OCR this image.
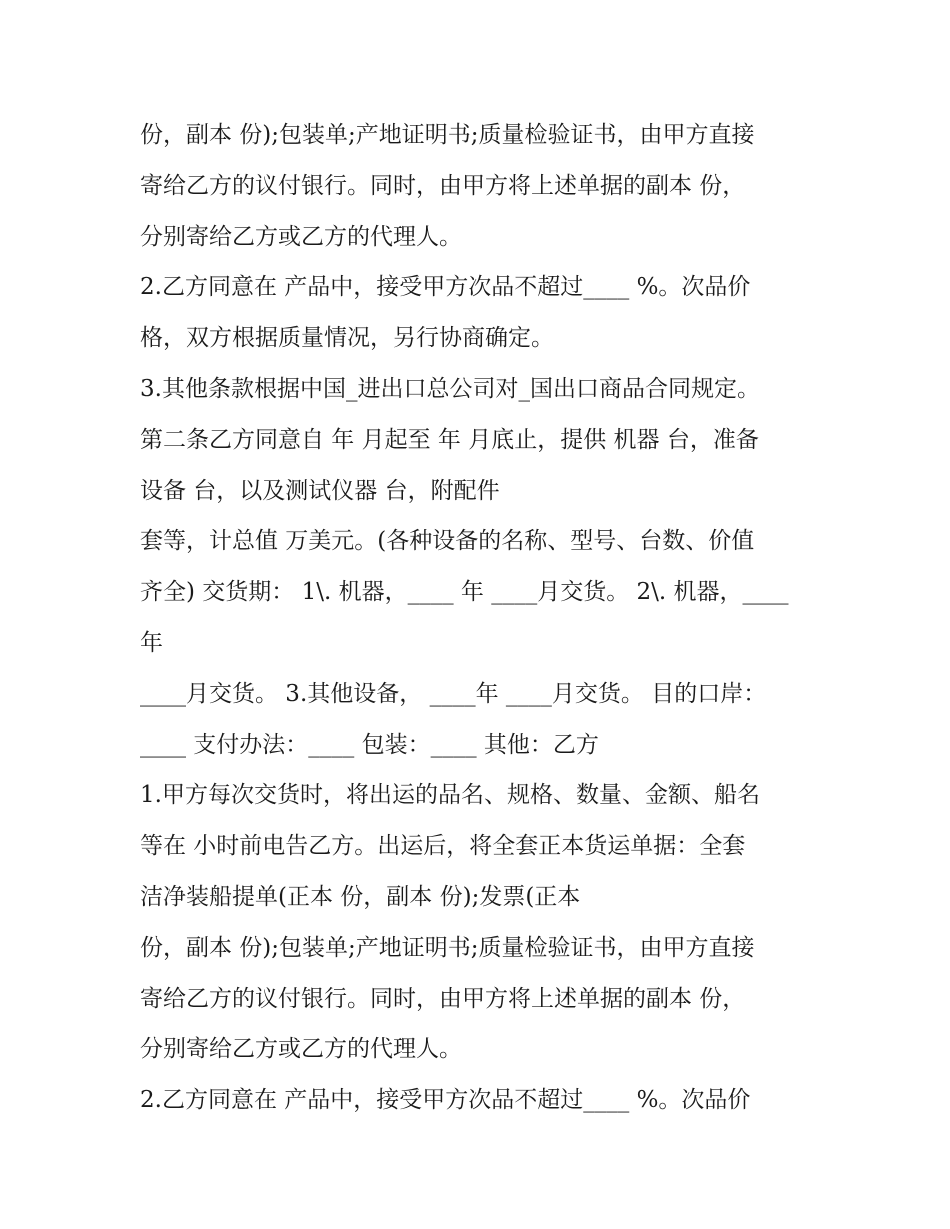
份，副本 份);包装单;产地证明书;质量检验证书，由甲方直接
寄给乙方的议付银行。同时，由甲方将上述单据的副本 份，
分别寄给乙方或乙方的代理人。
2.乙方同意在 产品中，接受甲方次品不超过____ %。次品价
格，双方根据质量情况，另行协商确定。
3.其他条款根据中国_进出口总公司对_国出口商品合同规定。
第二条乙方同意自 年 月起至 年 月底止，提供 机器 台，准备
设备 台，以及测试仪器 台，附配件
套等，计总值 万美元。(各种设备的名称、型号、台数、价值
齐全) 交货期： 1\. 机器，____ 年 ____月交货。 2\. 机器，____
年
____月交货。 3.其他设备， ____年 ____月交货。 目的口岸：
____ 支付办法：____ 包装：____ 其他：乙方
1.甲方每次交货时，将出运的品名、规格、数量、金额、船名
等在 小时前电告乙方。出运后，将全套正本货运单据：全套
洁净装船提单(正本 份，副本 份);发票(正本
份，副本 份);包装单;产地证明书;质量检验证书，由甲方直接
寄给乙方的议付银行。同时，由甲方将上述单据的副本 份，
分别寄给乙方或乙方的代理人。
2.乙方同意在 产品中，接受甲方次品不超过____ %。次品价
